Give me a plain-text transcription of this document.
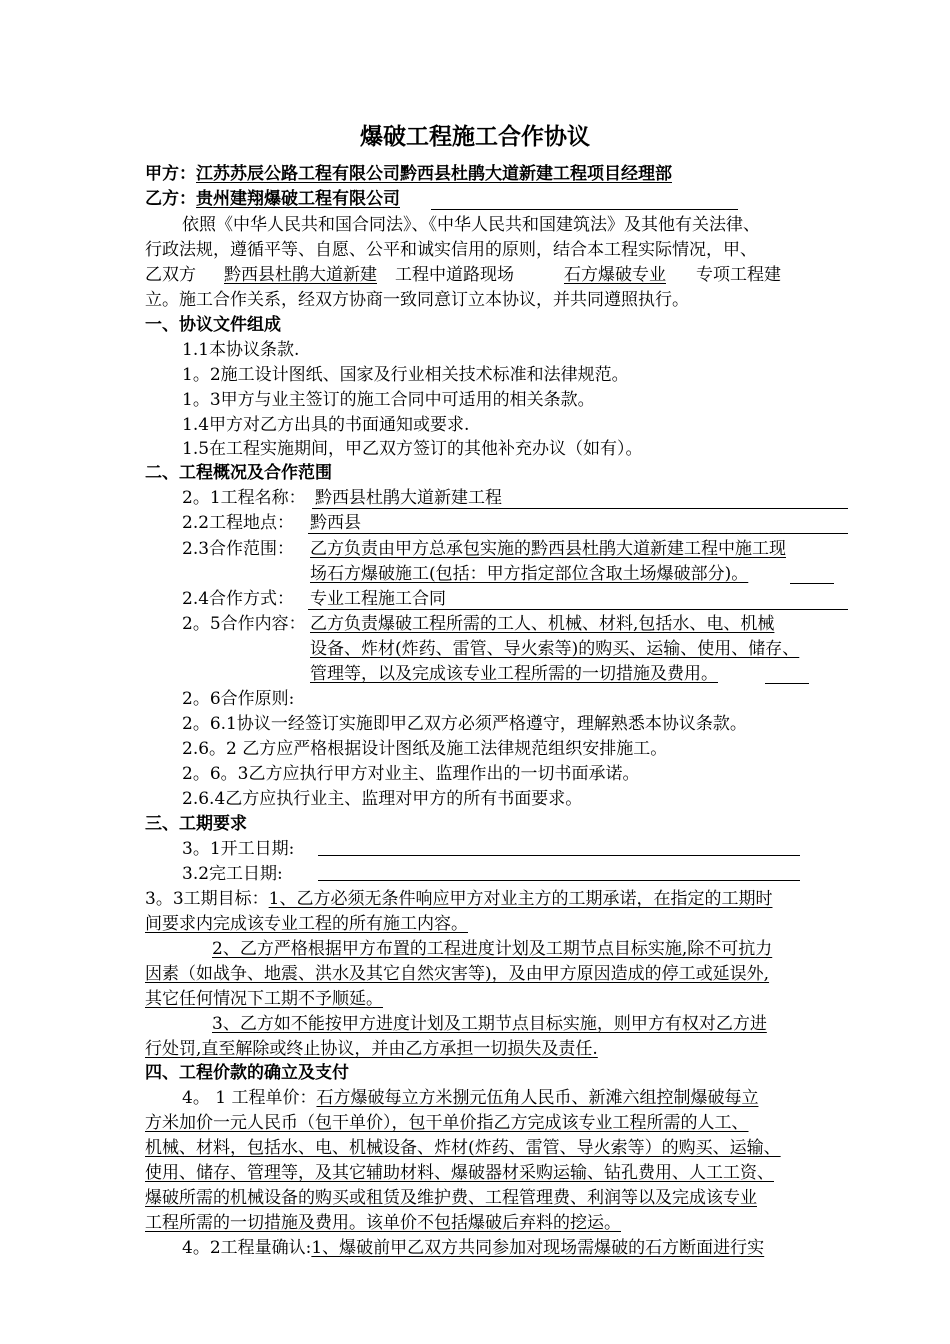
爆破工程施工合作协议
甲方：江苏苏辰公路工程有限公司黔西县杜鹃大道新建工程项目经理部
乙方：贵州建翔爆破工程有限公司
依照《中华人民共和国合同法》、《中华人民共和国建筑法》及其他有关法律、
行政法规，遵循平等、自愿、公平和诚实信用的原则，结合本工程实际情况，甲、
乙双方 黔西县杜鹃大道新建 工程中道路现场	石方爆破专业 专项工程建
立。施工合作关系，经双方协商一致同意订立本协议，并共同遵照执行。
一、协议文件组成
1.1本协议条款.
1。2施工设计图纸、国家及行业相关技术标准和法律规范。
1。3甲方与业主签订的施工合同中可适用的相关条款。
1.4甲方对乙方出具的书面通知或要求.
1.5在工程实施期间，甲乙双方签订的其他补充办议（如有）。
二、工程概况及合作范围
2。1工程名称： 黔西县杜鹃大道新建工程
2.2工程地点： 黔西县
2.3合作范围： 乙方负责由甲方总承包实施的黔西县杜鹃大道新建工程中施工现
场石方爆破施工(包括：甲方指定部位含取土场爆破部分)。
2.4合作方式： 专业工程施工合同
2。5合作内容： 乙方负责爆破工程所需的工人、机械、材料,包括水、电、机械
设备、炸材(炸药、雷管、导火索等)的购买、运输、使用、储存、
管理等，以及完成该专业工程所需的一切措施及费用。
2。6合作原则:
2。6.1协议一经签订实施即甲乙双方必须严格遵守，理解熟悉本协议条款。
2.6。2 乙方应严格根据设计图纸及施工法律规范组织安排施工。
2。6。3乙方应执行甲方对业主、监理作出的一切书面承诺。
2.6.4乙方应执行业主、监理对甲方的所有书面要求。
三、工期要求
3。1开工日期:
3.2完工日期:
3。3工期目标：1、乙方必须无条件响应甲方对业主方的工期承诺，在指定的工期时
间要求内完成该专业工程的所有施工内容。
2、乙方严格根据甲方布置的工程进度计划及工期节点目标实施,除不可抗力
因素（如战争、地震、洪水及其它自然灾害等)，及由甲方原因造成的停工或延误外,
其它任何情况下工期不予顺延。
3、乙方如不能按甲方进度计划及工期节点目标实施，则甲方有权对乙方进
行处罚,直至解除或终止协议，并由乙方承担一切损失及责任.
四、工程价款的确立及支付
4。 1 工程单价：石方爆破每立方米捌元伍角人民币、新滩六组控制爆破每立
方米加价一元人民币（包干单价），包干单价指乙方完成该专业工程所需的人工、
机械、材料，包括水、电、机械设备、炸材(炸药、雷管、导火索等）的购买、运输、
使用、储存、管理等，及其它辅助材料、爆破器材采购运输、钻孔费用、人工工资、
爆破所需的机械设备的购买或租赁及维护费、工程管理费、利润等以及完成该专业
工程所需的一切措施及费用。该单价不包括爆破后弃料的挖运。
4。2工程量确认:1、爆破前甲乙双方共同参加对现场需爆破的石方断面进行实
